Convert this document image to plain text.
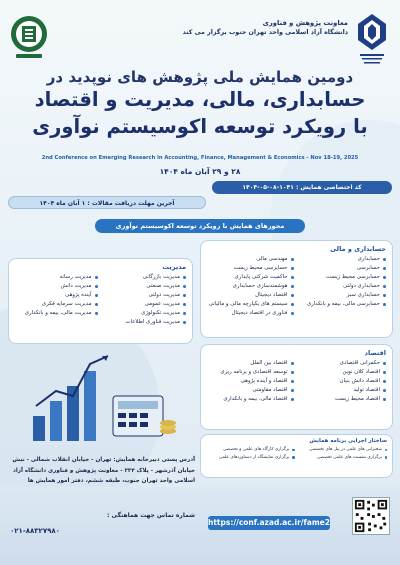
معاونت پژوهش و فناوری
دانشگاه آزاد اسلامی واحد تهران جنوب برگزار می کند
دومین همایش ملی پژوهش های نوپدید در
حسابداری، مالی، مدیریت و اقتصاد
با رویکرد توسعه اکوسیستم نوآوری
2nd Conference on Emerging Research in Accounting, Finance, Management & Economics - Nov 18-19, 2025
۲۸ و ۲۹ آبان ماه ۱۴۰۴
کد اختصاصی همایش : ۱۰۴۱-۰۸-۰۵-۱۴۰۴
آخرین مهلت دریافت مقالات : ۱ آبان ماه ۱۴۰۴
محورهای همایش با رویکرد توسعه اکوسیستم نوآوری
حسابداری و مالی
حسابداری
حسابرسی
حسابرسی محیط زیست
حسابداری دولتی
حسابداری سبز
حسابرسی مالی، بیمه و بانکداری
مهندسی مالی
حسابرسی محیط زیست
حاکمیت شرکتی پایداری
هوشمندسازی حسابداری
اقتصاد دیجیتال
سیستم های یکپارچه مالی و مالیاتی
فناوری در اقتصاد دیجیتال
مدیریت
مدیریت بازرگانی
مدیریت صنعتی
مدیریت دولتی
مدیریت عمومی
مدیریت تکنولوژی
مدیریت فناوری اطلاعات
مدیریت رسانه
مدیریت دانش
آینده پژوهی
مدیریت سرمایه فکری
مدیریت مالی، بیمه و بانکداری
اقتصاد
حکمرانی اقتصادی
اقتصاد کلان نوین
اقتصاد دانش بنیان
اقتصاد تولید
اقتصاد محیط زیست
اقتصاد بین الملل
توسعه اقتصادی و برنامه ریزی
اقتصاد و آینده پژوهی
اقتصاد مقاومتی
اقتصاد مالی، بیمه و بانکداری
ساختار اجرایی برنامه همایش
سخنرانی های علمی در پنل های تخصصی
برگزاری کارگاه های علمی و تخصصی
برگزاری نشست های علمی تخصصی
برگزاری نمایشگاه از دستاوردهای علمی
آدرس پستی دبیرخانه همایش: تهران - خیابان انقلاب شمالی - نبش خیابان آذرشهر - پلاک ۳۳۴ - معاونت پژوهش و فناوری دانشگاه آزاد اسلامی واحد تهران جنوب، طبقه ششم، دفتر امور همایش ها
https://conf.azad.ac.ir/fame2
شماره تماس جهت هماهنگی :
۰۲۱-۸۸۳۲۷۹۸۰
